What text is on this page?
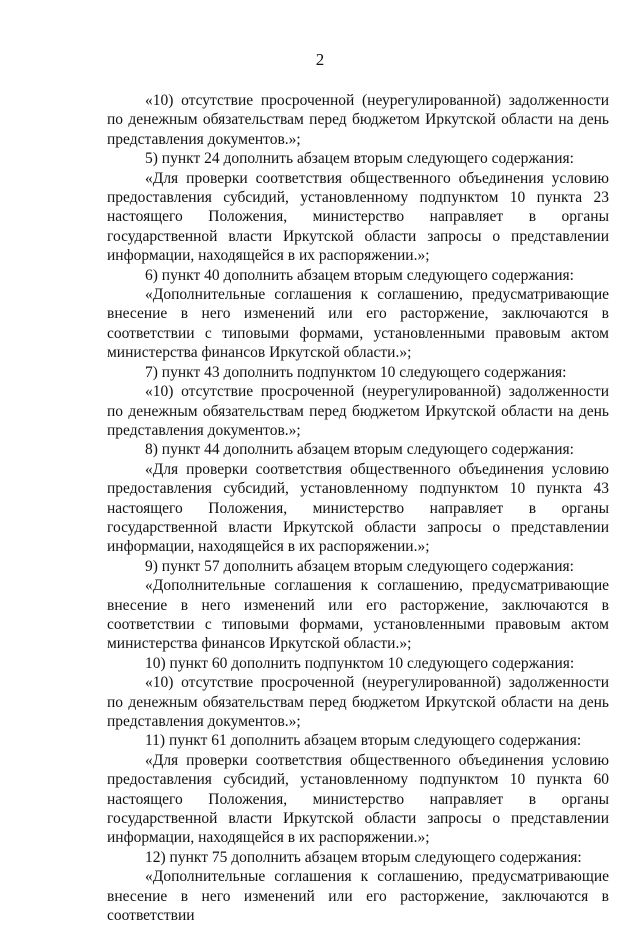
2

«10) отсутствие просроченной (неурегулированной) задолженности по денежным обязательствам перед бюджетом Иркутской области на день представления документов.»;

5) пункт 24 дополнить абзацем вторым следующего содержания:

«Для проверки соответствия общественного объединения условию предоставления субсидий, установленному подпунктом 10 пункта 23 настоящего Положения, министерство направляет в органы государственной власти Иркутской области запросы о представлении информации, находящейся в их распоряжении.»;

6) пункт 40 дополнить абзацем вторым следующего содержания:

«Дополнительные соглашения к соглашению, предусматривающие внесение в него изменений или его расторжение, заключаются в соответствии с типовыми формами, установленными правовым актом министерства финансов Иркутской области.»;

7) пункт 43 дополнить подпунктом 10 следующего содержания:

«10) отсутствие просроченной (неурегулированной) задолженности по денежным обязательствам перед бюджетом Иркутской области на день представления документов.»;

8) пункт 44 дополнить абзацем вторым следующего содержания:

«Для проверки соответствия общественного объединения условию предоставления субсидий, установленному подпунктом 10 пункта 43 настоящего Положения, министерство направляет в органы государственной власти Иркутской области запросы о представлении информации, находящейся в их распоряжении.»;

9) пункт 57 дополнить абзацем вторым следующего содержания:

«Дополнительные соглашения к соглашению, предусматривающие внесение в него изменений или его расторжение, заключаются в соответствии с типовыми формами, установленными правовым актом министерства финансов Иркутской области.»;

10) пункт 60 дополнить подпунктом 10 следующего содержания:

«10) отсутствие просроченной (неурегулированной) задолженности по денежным обязательствам перед бюджетом Иркутской области на день представления документов.»;

11) пункт 61 дополнить абзацем вторым следующего содержания:

«Для проверки соответствия общественного объединения условию предоставления субсидий, установленному подпунктом 10 пункта 60 настоящего Положения, министерство направляет в органы государственной власти Иркутской области запросы о представлении информации, находящейся в их распоряжении.»;

12) пункт 75 дополнить абзацем вторым следующего содержания:

«Дополнительные соглашения к соглашению, предусматривающие внесение в него изменений или его расторжение, заключаются в соответствии
